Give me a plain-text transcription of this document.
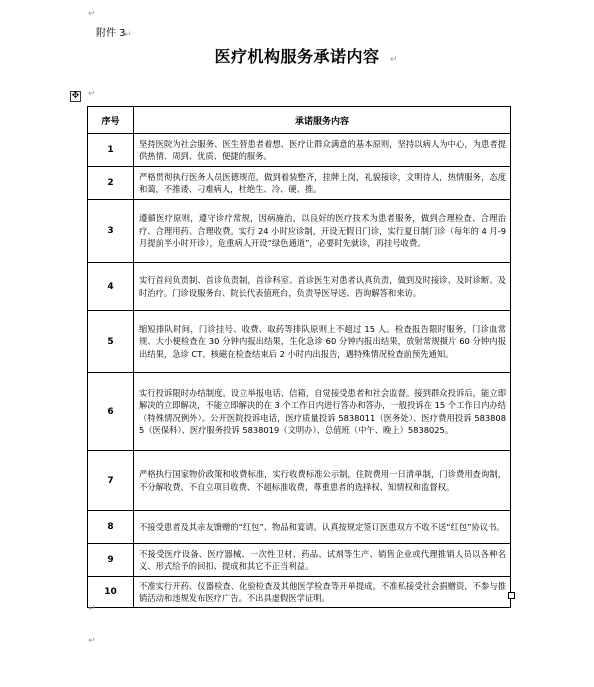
↵
附件 3
↵
医疗机构服务承诺内容	↵
↵
✥
序号	承诺服务内容
1	坚持医院为社会服务、医生替患者着想、医疗让群众满意的基本原则，坚持以病人为中心，为患者提供热情、周到、优质、便捷的服务。
2	严格贯彻执行医务人员医德规范，做到着装整齐，挂牌上岗，礼貌接诊，文明待人，热情服务，态度和蔼，不推诿、刁难病人，杜绝生、冷、硬、推。
3	遵循医疗原则，遵守诊疗常规，因病施治，以良好的医疗技术为患者服务，做到合理检查、合理治疗、合理用药、合理收费。实行 24 小时应诊制，开设无假日门诊，实行夏日制门诊（每年的 4 月-9 月提前半小时开诊），危重病人开设“绿色通道”，必要时先就诊，再挂号收费。
4	实行首问负责制、首诊负责制，首诊科室、首诊医生对患者认真负责，做到及时接诊、及时诊断、及时治疗。门诊设服务台、院长代表值班台，负责导医导送、咨询解答和来访。
5	缩短排队时间，门诊挂号、收费、取药等排队原则上不超过 15 人。检查报告限时服务，门诊血常规、大小便检查在 30 分钟内报出结果，生化急诊 60 分钟内报出结果，放射常规摄片 60 分钟内报出结果，急诊 CT、核磁在检查结束后 2 小时内出报告，遇特殊情况检查前预先通知。
6	实行投诉限时办结制度。设立举报电话、信箱，自觉接受患者和社会监督。接到群众投诉后，能立即解决的立即解决，不能立即解决的在 3 个工作日内进行答办和答办，一般投诉在 15 个工作日内办结（特殊情况例外）。公开医院投诉电话，医疗质量投诉 5838011（医务处）、医疗费用投诉 5838085（医保科）、医疗服务投诉 5838019（文明办）、总值班（中午、晚上）5838025。
7	严格执行国家物价政策和收费标准，实行收费标准公示制，住院费用一日清单制，门诊费用查询制，不分解收费、不自立项目收费、不超标准收费，尊重患者的选择权、知情权和监督权。
8	不接受患者及其亲友馈赠的“红包”、物品和宴请。认真按规定签订医患双方不收不送“红包”协议书。
9	不接受医疗设备、医疗器械、一次性卫材、药品、试剂等生产、销售企业或代理推销人员以各种名义、形式给予的回扣、提成和其它不正当利益。
10	不准实行开药、仪器检查、化验检查及其他医学检查等开单提成。不准私接受社会捐赠资，不参与推销活动和违规发布医疗广告。不出具虚假医学证明。
↵
↵
